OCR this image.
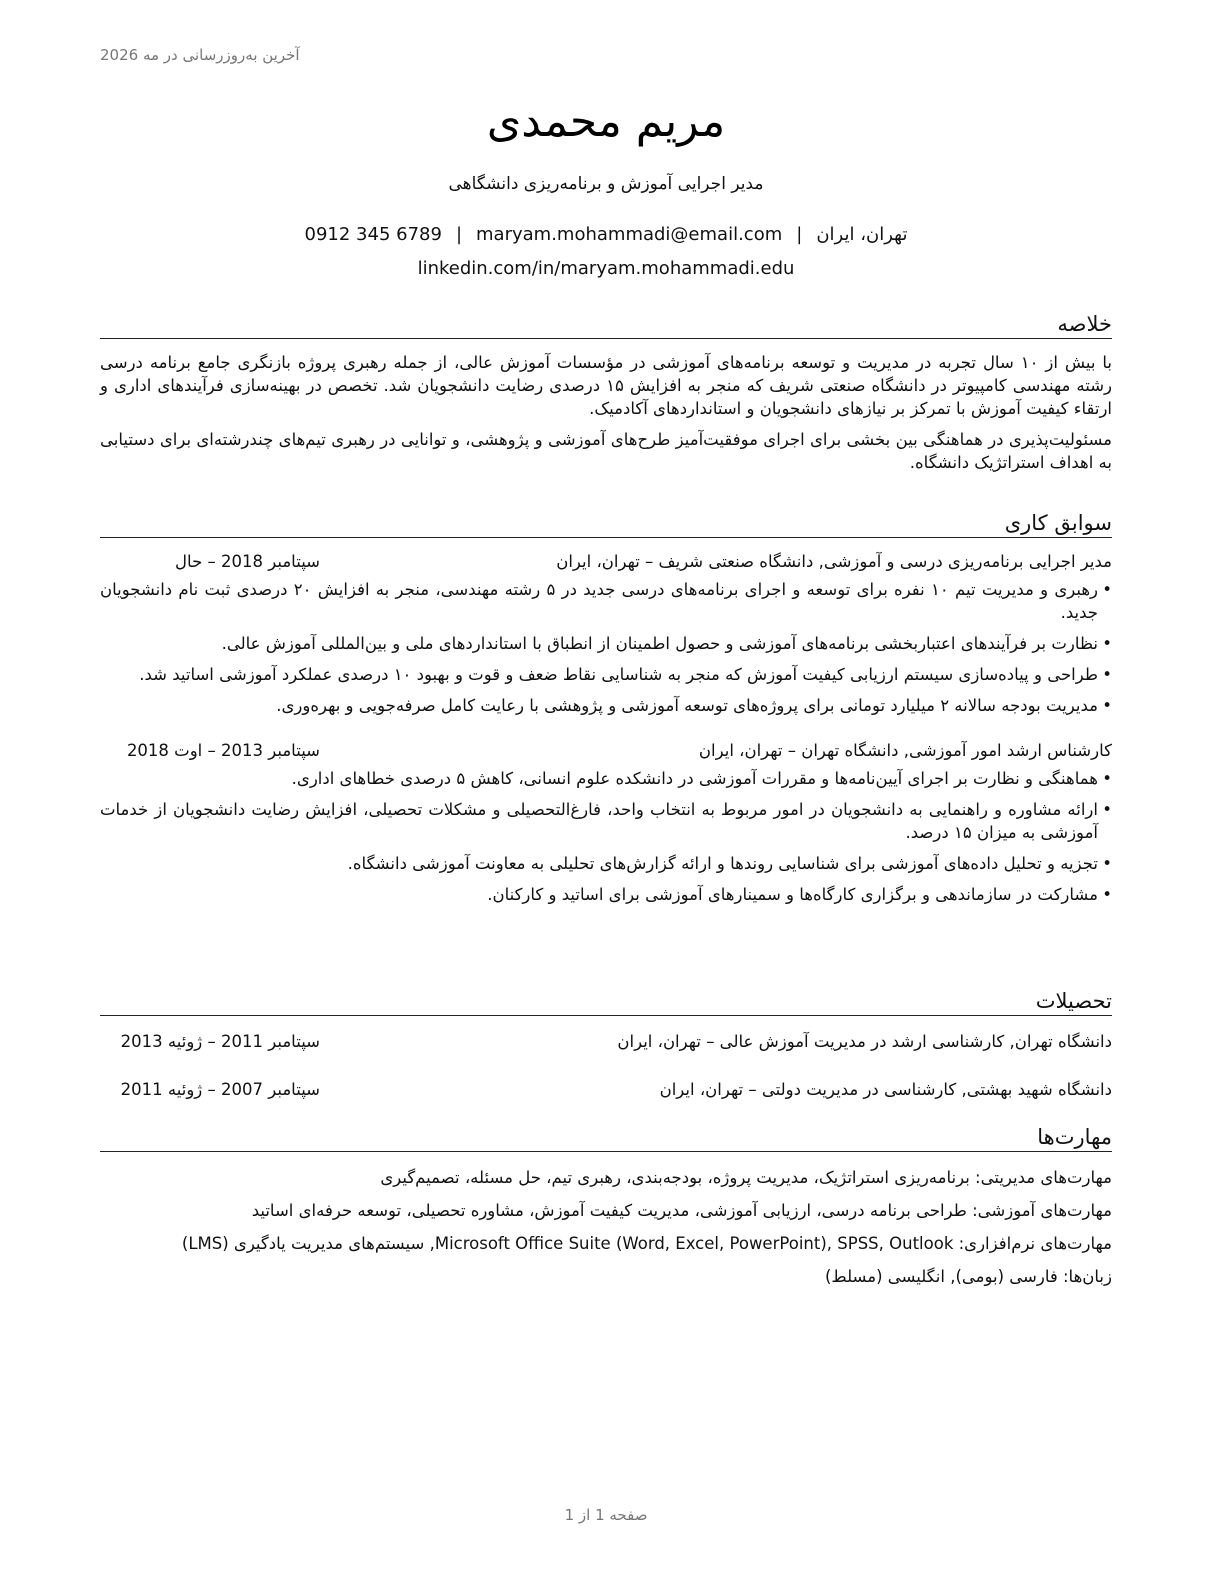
آخرین به‌روزرسانی در مه 2026
مریم محمدی
مدیر اجرایی آموزش و برنامه‌ریزی دانشگاهی
تهران، ایران|maryam.mohammadi@email.com|0912 345 6789
linkedin.com/in/maryam.mohammadi.edu
خلاصه

با بیش از ۱۰ سال تجربه در مدیریت و توسعه برنامه‌های آموزشی در مؤسسات آموزش عالی، از جمله رهبری پروژه بازنگری جامع برنامه درسی رشته مهندسی کامپیوتر در دانشگاه صنعتی شریف که منجر به افزایش ۱۵ درصدی رضایت دانشجویان شد. تخصص در بهینه‌سازی فرآیندهای اداری و ارتقاء کیفیت آموزش با تمرکز بر نیازهای دانشجویان و استانداردهای آکادمیک.

مسئولیت‌پذیری در هماهنگی بین بخشی برای اجرای موفقیت‌آمیز طرح‌های آموزشی و پژوهشی، و توانایی در رهبری تیم‌های چندرشته‌ای برای دستیابی به اهداف استراتژیک دانشگاه.

سوابق کاری
مدیر اجرایی برنامه‌ریزی درسی و آموزشی, دانشگاه صنعتی شریف – تهران، ایران
سپتامبر 2018 – حال
• رهبری و مدیریت تیم ۱۰ نفره برای توسعه و اجرای برنامه‌های درسی جدید در ۵ رشته مهندسی، منجر به افزایش ۲۰ درصدی ثبت نام دانشجویان جدید.
• نظارت بر فرآیندهای اعتباربخشی برنامه‌های آموزشی و حصول اطمینان از انطباق با استانداردهای ملی و بین‌المللی آموزش عالی.
• طراحی و پیاده‌سازی سیستم ارزیابی کیفیت آموزش که منجر به شناسایی نقاط ضعف و قوت و بهبود ۱۰ درصدی عملکرد آموزشی اساتید شد.
• مدیریت بودجه سالانه ۲ میلیارد تومانی برای پروژه‌های توسعه آموزشی و پژوهشی با رعایت کامل صرفه‌جویی و بهره‌وری.
کارشناس ارشد امور آموزشی, دانشگاه تهران – تهران، ایران
سپتامبر 2013 – اوت 2018
• هماهنگی و نظارت بر اجرای آیین‌نامه‌ها و مقررات آموزشی در دانشکده علوم انسانی، کاهش ۵ درصدی خطاهای اداری.
• ارائه مشاوره و راهنمایی به دانشجویان در امور مربوط به انتخاب واحد، فارغ‌التحصیلی و مشکلات تحصیلی، افزایش رضایت دانشجویان از خدمات آموزشی به میزان ۱۵ درصد.
• تجزیه و تحلیل داده‌های آموزشی برای شناسایی روندها و ارائه گزارش‌های تحلیلی به معاونت آموزشی دانشگاه.
• مشارکت در سازماندهی و برگزاری کارگاه‌ها و سمینارهای آموزشی برای اساتید و کارکنان.
تحصیلات
دانشگاه تهران, کارشناسی ارشد در مدیریت آموزش عالی – تهران، ایران
سپتامبر 2011 – ژوئیه 2013
دانشگاه شهید بهشتی, کارشناسی در مدیریت دولتی – تهران، ایران
سپتامبر 2007 – ژوئیه 2011
مهارت‌ها
مهارت‌های مدیریتی: برنامه‌ریزی استراتژیک، مدیریت پروژه، بودجه‌بندی، رهبری تیم، حل مسئله، تصمیم‌گیری
مهارت‌های آموزشی: طراحی برنامه درسی، ارزیابی آموزشی، مدیریت کیفیت آموزش، مشاوره تحصیلی، توسعه حرفه‌ای اساتید
مهارت‌های نرم‌افزاری: Microsoft Office Suite (Word, Excel, PowerPoint), SPSS, Outlook, سیستم‌های مدیریت یادگیری (LMS)
زبان‌ها: فارسی (بومی), انگلیسی (مسلط)
صفحه 1 از 1
